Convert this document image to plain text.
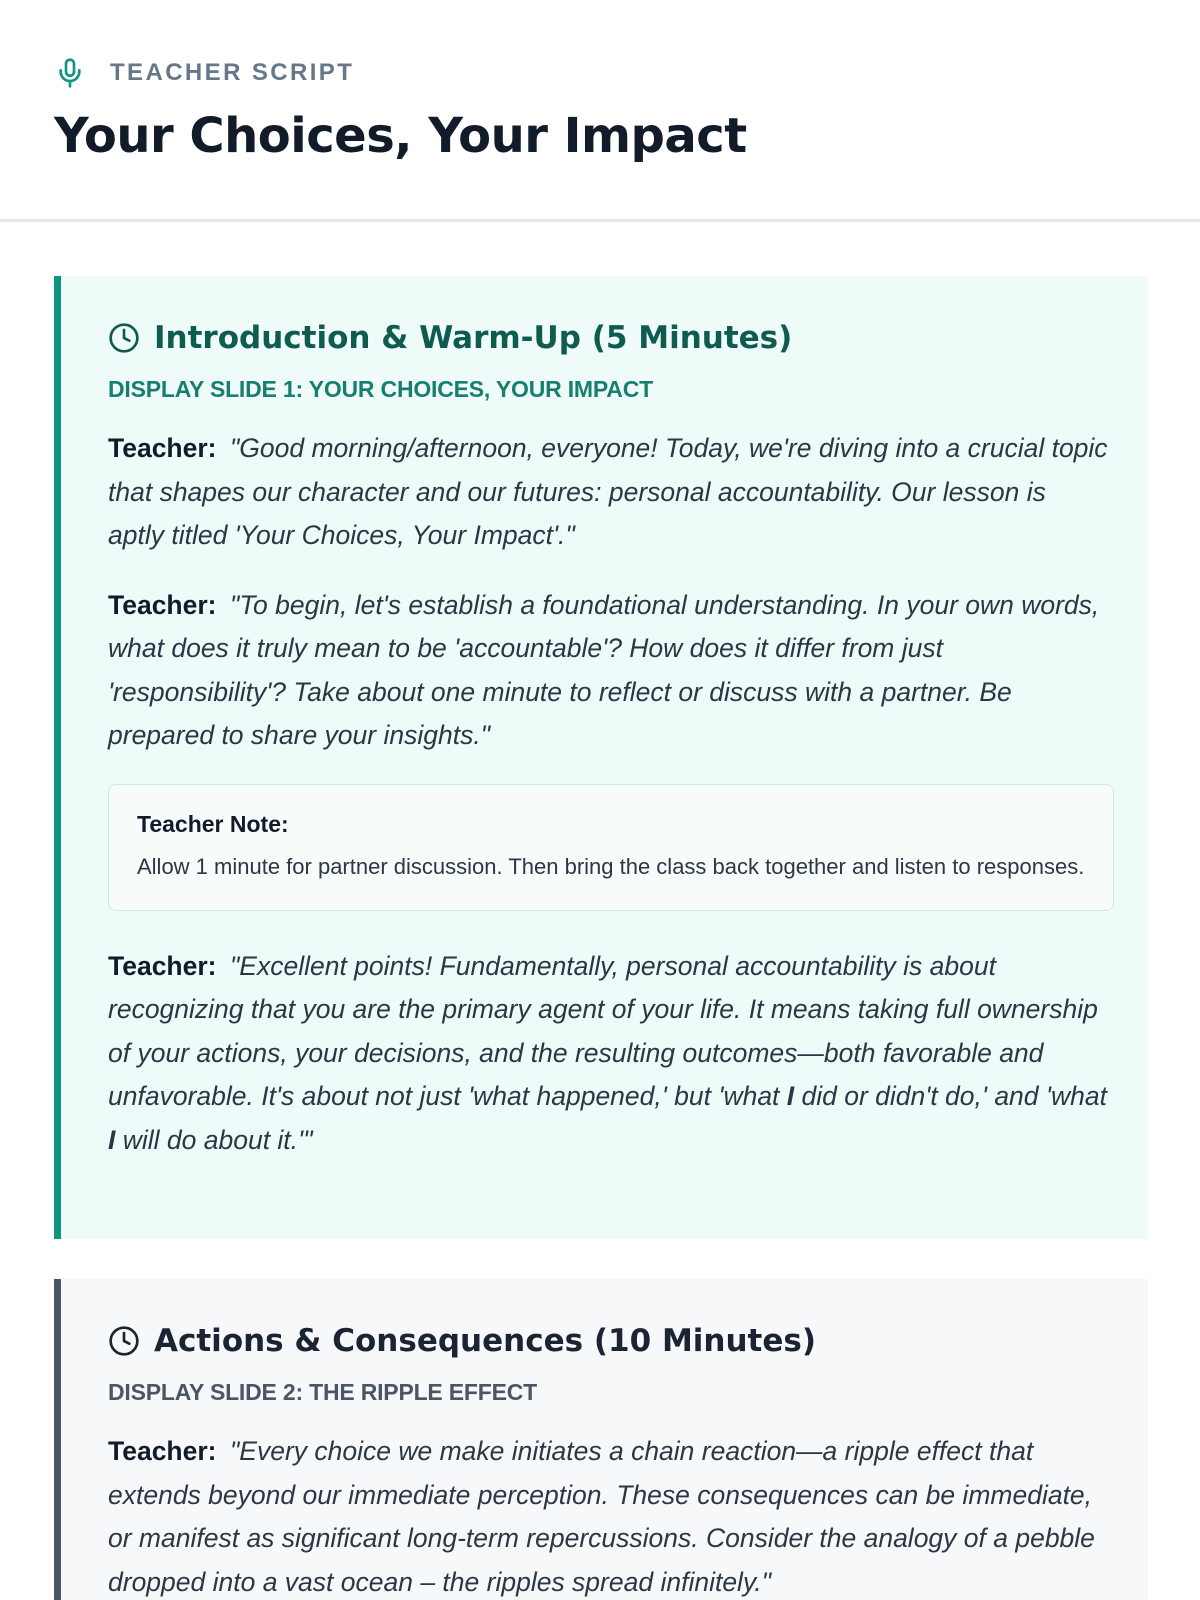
TEACHER SCRIPT
Your Choices, Your Impact
Introduction & Warm-Up (5 Minutes)
DISPLAY SLIDE 1: YOUR CHOICES, YOUR IMPACT

Teacher: "Good morning/afternoon, everyone! Today, we're diving into a crucial topic that shapes our character and our futures: personal accountability. Our lesson is aptly titled 'Your Choices, Your Impact'."

Teacher: "To begin, let's establish a foundational understanding. In your own words, what does it truly mean to be 'accountable'? How does it differ from just 'responsibility'? Take about one minute to reflect or discuss with a partner. Be prepared to share your insights."

Teacher Note:
Allow 1 minute for partner discussion. Then bring the class back together and listen to responses.

Teacher: "Excellent points! Fundamentally, personal accountability is about recognizing that you are the primary agent of your life. It means taking full ownership of your actions, your decisions, and the resulting outcomes—both favorable and unfavorable. It's about not just 'what happened,' but 'what I did or didn't do,' and 'what I will do about it.'"

Actions & Consequences (10 Minutes)
DISPLAY SLIDE 2: THE RIPPLE EFFECT

Teacher: "Every choice we make initiates a chain reaction—a ripple effect that extends beyond our immediate perception. These consequences can be immediate, or manifest as significant long-term repercussions. Consider the analogy of a pebble dropped into a vast ocean – the ripples spread infinitely."
